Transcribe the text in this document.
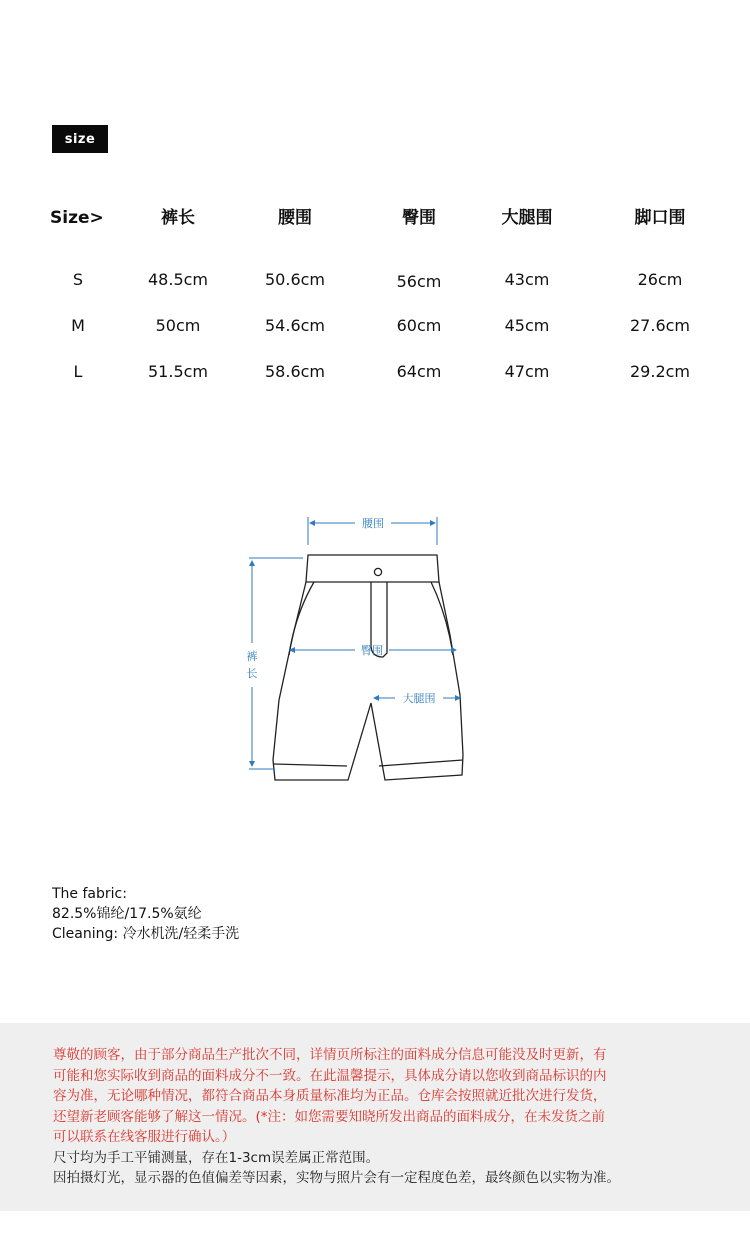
size
Size>	裤长	腰围	臀围	大腿围	脚口围
S	48.5cm	50.6cm	56cm	43cm	26cm
M	50cm	54.6cm	60cm	45cm	27.6cm
L	51.5cm	58.6cm	64cm	47cm	29.2cm
腰围
臀围
大腿围
裤
长
The fabric:
82.5%锦纶/17.5%氨纶
Cleaning: 冷水机洗/轻柔手洗
尊敬的顾客，由于部分商品生产批次不同，详情页所标注的面料成分信息可能没及时更新，有
可能和您实际收到商品的面料成分不一致。在此温馨提示，具体成分请以您收到商品标识的内
容为准，无论哪种情况，都符合商品本身质量标准均为正品。仓库会按照就近批次进行发货，
还望新老顾客能够了解这一情况。(*注：如您需要知晓所发出商品的面料成分，在未发货之前
可以联系在线客服进行确认。）
尺寸均为手工平铺测量，存在1-3cm误差属正常范围。
因拍摄灯光，显示器的色值偏差等因素，实物与照片会有一定程度色差，最终颜色以实物为准。
